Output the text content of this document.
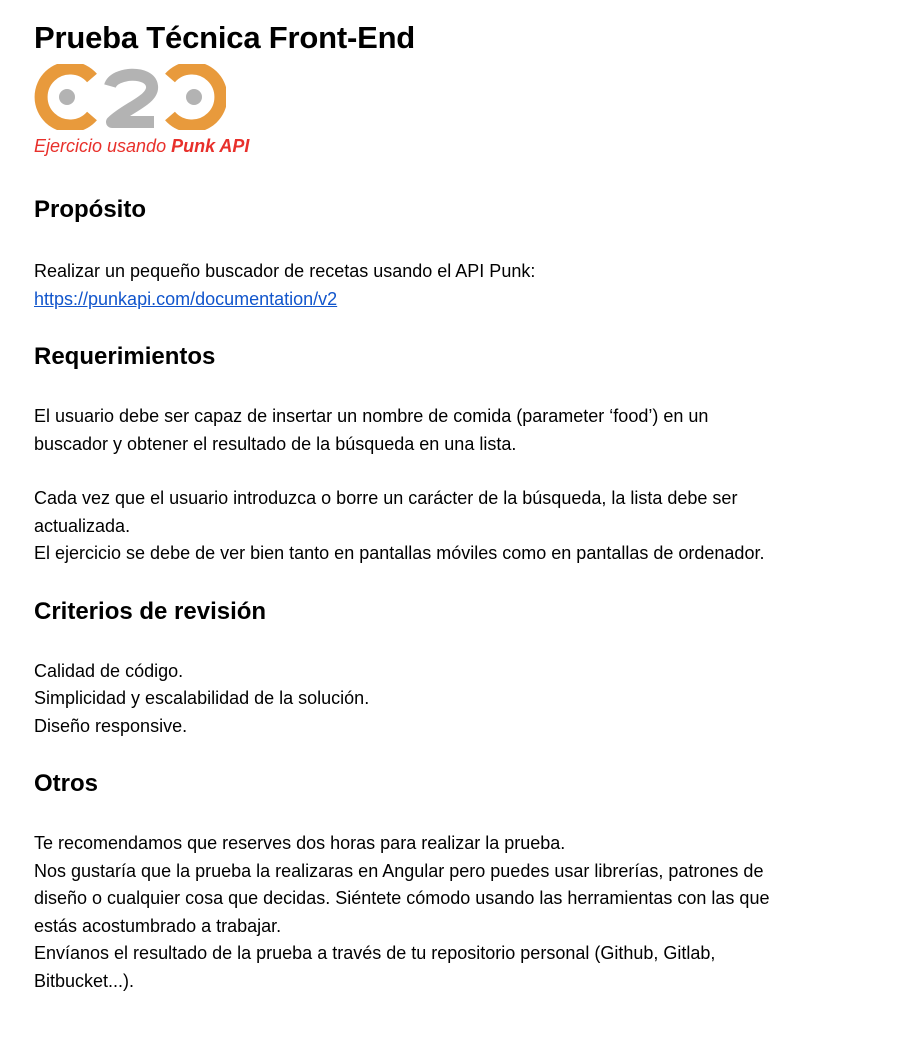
Prueba Técnica Front-End
Ejercicio usando Punk API
Propósito

Realizar un pequeño buscador de recetas usando el API Punk:

https://punkapi.com/documentation/v2

Requerimientos

El usuario debe ser capaz de insertar un nombre de comida (parameter ‘food’) en un

buscador y obtener el resultado de la búsqueda en una lista.

Cada vez que el usuario introduzca o borre un carácter de la búsqueda, la lista debe ser

actualizada.

El ejercicio se debe de ver bien tanto en pantallas móviles como en pantallas de ordenador.

Criterios de revisión

Calidad de código.

Simplicidad y escalabilidad de la solución.

Diseño responsive.

Otros

Te recomendamos que reserves dos horas para realizar la prueba.

Nos gustaría que la prueba la realizaras en Angular pero puedes usar librerías, patrones de

diseño o cualquier cosa que decidas. Siéntete cómodo usando las herramientas con las que

estás acostumbrado a trabajar.

Envíanos el resultado de la prueba a través de tu repositorio personal (Github, Gitlab,

Bitbucket...).
